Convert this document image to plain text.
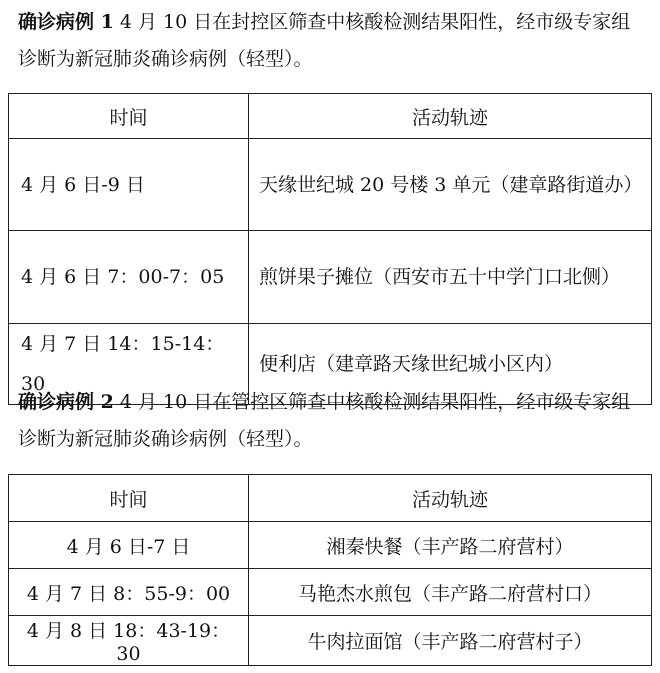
确诊病例 1 4 月 10 日在封控区筛查中核酸检测结果阳性，经市级专家组诊断为新冠肺炎确诊病例（轻型）。

时间	活动轨迹
4 月 6 日-9 日	天缘世纪城 20 号楼 3 单元（建章路街道办）
4 月 6 日 7：00-7：05	煎饼果子摊位（西安市五十中学门口北侧）
4 月 7 日 14：15-14：30	便利店（建章路天缘世纪城小区内）

确诊病例 2 4 月 10 日在管控区筛查中核酸检测结果阳性，经市级专家组诊断为新冠肺炎确诊病例（轻型）。

时间	活动轨迹
4 月 6 日-7 日	湘秦快餐（丰产路二府营村）
4 月 7 日 8：55-9：00	马艳杰水煎包（丰产路二府营村口）
4 月 8 日 18：43-19：30	牛肉拉面馆（丰产路二府营村子）
